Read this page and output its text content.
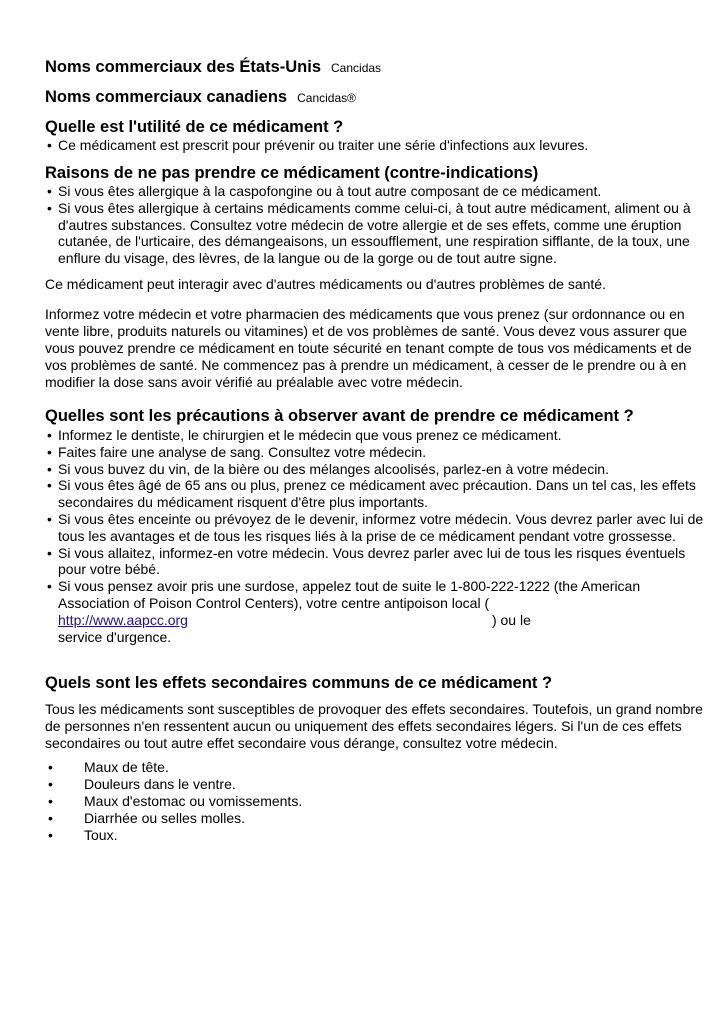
Noms commerciaux des États-Unis Cancidas
Noms commerciaux canadiens Cancidas®
Quelle est l'utilité de ce médicament ?
• Ce médicament est prescrit pour prévenir ou traiter une série d'infections aux levures.
Raisons de ne pas prendre ce médicament (contre-indications)
• Si vous êtes allergique à la caspofongine ou à tout autre composant de ce médicament.
• Si vous êtes allergique à certains médicaments comme celui-ci, à tout autre médicament, aliment ou à d'autres substances. Consultez votre médecin de votre allergie et de ses effets, comme une éruption cutanée, de l'urticaire, des démangeaisons, un essoufflement, une respiration sifflante, de la toux, une enflure du visage, des lèvres, de la langue ou de la gorge ou de tout autre signe.
Ce médicament peut interagir avec d'autres médicaments ou d'autres problèmes de santé.
Informez votre médecin et votre pharmacien des médicaments que vous prenez (sur ordonnance ou en vente libre, produits naturels ou vitamines) et de vos problèmes de santé. Vous devez vous assurer que vous pouvez prendre ce médicament en toute sécurité en tenant compte de tous vos médicaments et de vos problèmes de santé. Ne commencez pas à prendre un médicament, à cesser de le prendre ou à en modifier la dose sans avoir vérifié au préalable avec votre médecin.
Quelles sont les précautions à observer avant de prendre ce médicament ?
• Informez le dentiste, le chirurgien et le médecin que vous prenez ce médicament.
• Faites faire une analyse de sang. Consultez votre médecin.
• Si vous buvez du vin, de la bière ou des mélanges alcoolisés, parlez-en à votre médecin.
• Si vous êtes âgé de 65 ans ou plus, prenez ce médicament avec précaution. Dans un tel cas, les effets secondaires du médicament risquent d'être plus importants.
• Si vous êtes enceinte ou prévoyez de le devenir, informez votre médecin. Vous devrez parler avec lui de tous les avantages et de tous les risques liés à la prise de ce médicament pendant votre grossesse.
• Si vous allaitez, informez-en votre médecin. Vous devrez parler avec lui de tous les risques éventuels pour votre bébé.
• Si vous pensez avoir pris une surdose, appelez tout de suite le 1-800-222-1222 (the American Association of Poison Control Centers), votre centre antipoison local (
http://www.aapcc.org	) ou le
service d'urgence.
Quels sont les effets secondaires communs de ce médicament ?
Tous les médicaments sont susceptibles de provoquer des effets secondaires. Toutefois, un grand nombre de personnes n'en ressentent aucun ou uniquement des effets secondaires légers. Si l'un de ces effets secondaires ou tout autre effet secondaire vous dérange, consultez votre médecin.
• Maux de tête.
• Douleurs dans le ventre.
• Maux d'estomac ou vomissements.
• Diarrhée ou selles molles.
• Toux.
